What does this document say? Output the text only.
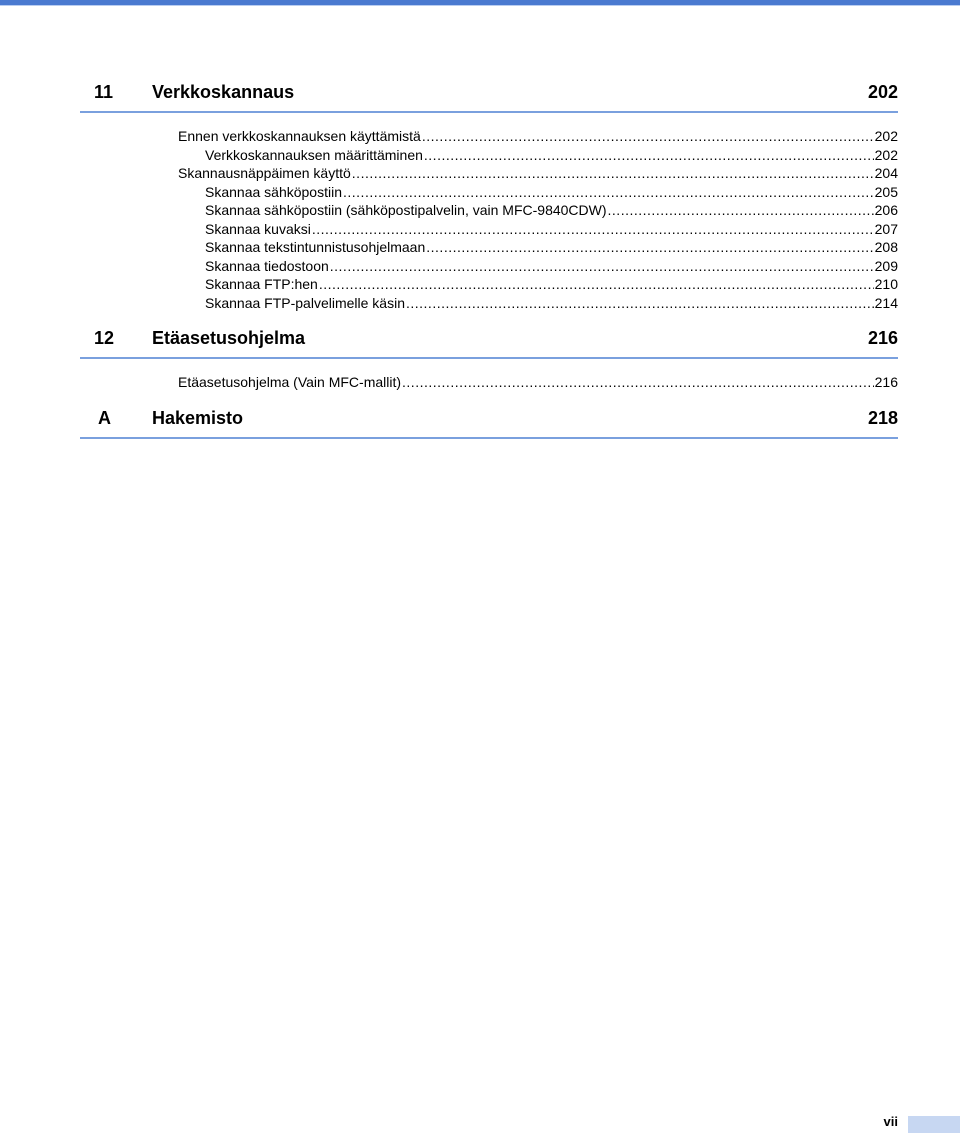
11	Verkkoskannaus	202
Ennen verkkoskannauksen käyttämistä .....	202
Verkkoskannauksen määrittäminen .....	202
Skannausnäppäimen käyttö .....	204
Skannaa sähköpostiin .....	205
Skannaa sähköpostiin (sähköpostipalvelin, vain MFC-9840CDW) .....	206
Skannaa kuvaksi .....	207
Skannaa tekstintunnistusohjelmaan .....	208
Skannaa tiedostoon .....	209
Skannaa FTP:hen .....	210
Skannaa FTP-palvelimelle käsin .....	214
12	Etäasetusohjelma	216
Etäasetusohjelma (Vain MFC-mallit) .....	216
A	Hakemisto	218
vii
